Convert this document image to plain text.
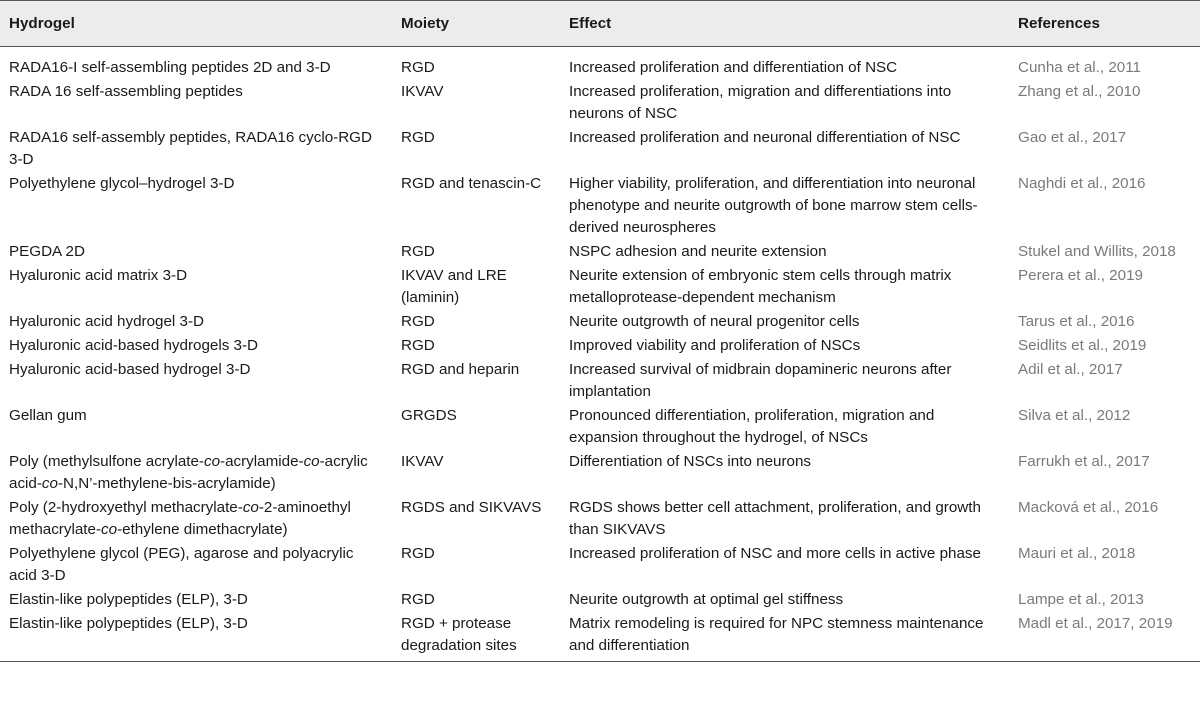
Hydrogel	Moiety	Effect	References
RADA16-I self-assembling peptides 2D and 3-D	RGD	Increased proliferation and differentiation of NSC	Cunha et al., 2011
RADA 16 self-assembling peptides	IKVAV	Increased proliferation, migration and differentiations into neurons of NSC	Zhang et al., 2010
RADA16 self-assembly peptides, RADA16 cyclo-RGD 3-D	RGD	Increased proliferation and neuronal differentiation of NSC	Gao et al., 2017
Polyethylene glycol–hydrogel 3-D	RGD and tenascin-C	Higher viability, proliferation, and differentiation into neuronal phenotype and neurite outgrowth of bone marrow stem cells-derived neurospheres	Naghdi et al., 2016
PEGDA 2D	RGD	NSPC adhesion and neurite extension	Stukel and Willits, 2018
Hyaluronic acid matrix 3-D	IKVAV and LRE (laminin)	Neurite extension of embryonic stem cells through matrix metalloprotease-dependent mechanism	Perera et al., 2019
Hyaluronic acid hydrogel 3-D	RGD	Neurite outgrowth of neural progenitor cells	Tarus et al., 2016
Hyaluronic acid-based hydrogels 3-D	RGD	Improved viability and proliferation of NSCs	Seidlits et al., 2019
Hyaluronic acid-based hydrogel 3-D	RGD and heparin	Increased survival of midbrain dopamineric neurons after implantation	Adil et al., 2017
Gellan gum	GRGDS	Pronounced differentiation, proliferation, migration and expansion throughout the hydrogel, of NSCs	Silva et al., 2012
Poly (methylsulfone acrylate-co-acrylamide-co-acrylic acid-co-N,N’-methylene-bis-acrylamide)	IKVAV	Differentiation of NSCs into neurons	Farrukh et al., 2017
Poly (2-hydroxyethyl methacrylate-co-2-aminoethyl methacrylate-co-ethylene dimethacrylate)	RGDS and SIKVAVS	RGDS shows better cell attachment, proliferation, and growth than SIKVAVS	Macková et al., 2016
Polyethylene glycol (PEG), agarose and polyacrylic acid 3-D	RGD	Increased proliferation of NSC and more cells in active phase	Mauri et al., 2018
Elastin-like polypeptides (ELP), 3-D	RGD	Neurite outgrowth at optimal gel stiffness	Lampe et al., 2013
Elastin-like polypeptides (ELP), 3-D	RGD + protease degradation sites	Matrix remodeling is required for NPC stemness maintenance and differentiation	Madl et al., 2017, 2019
